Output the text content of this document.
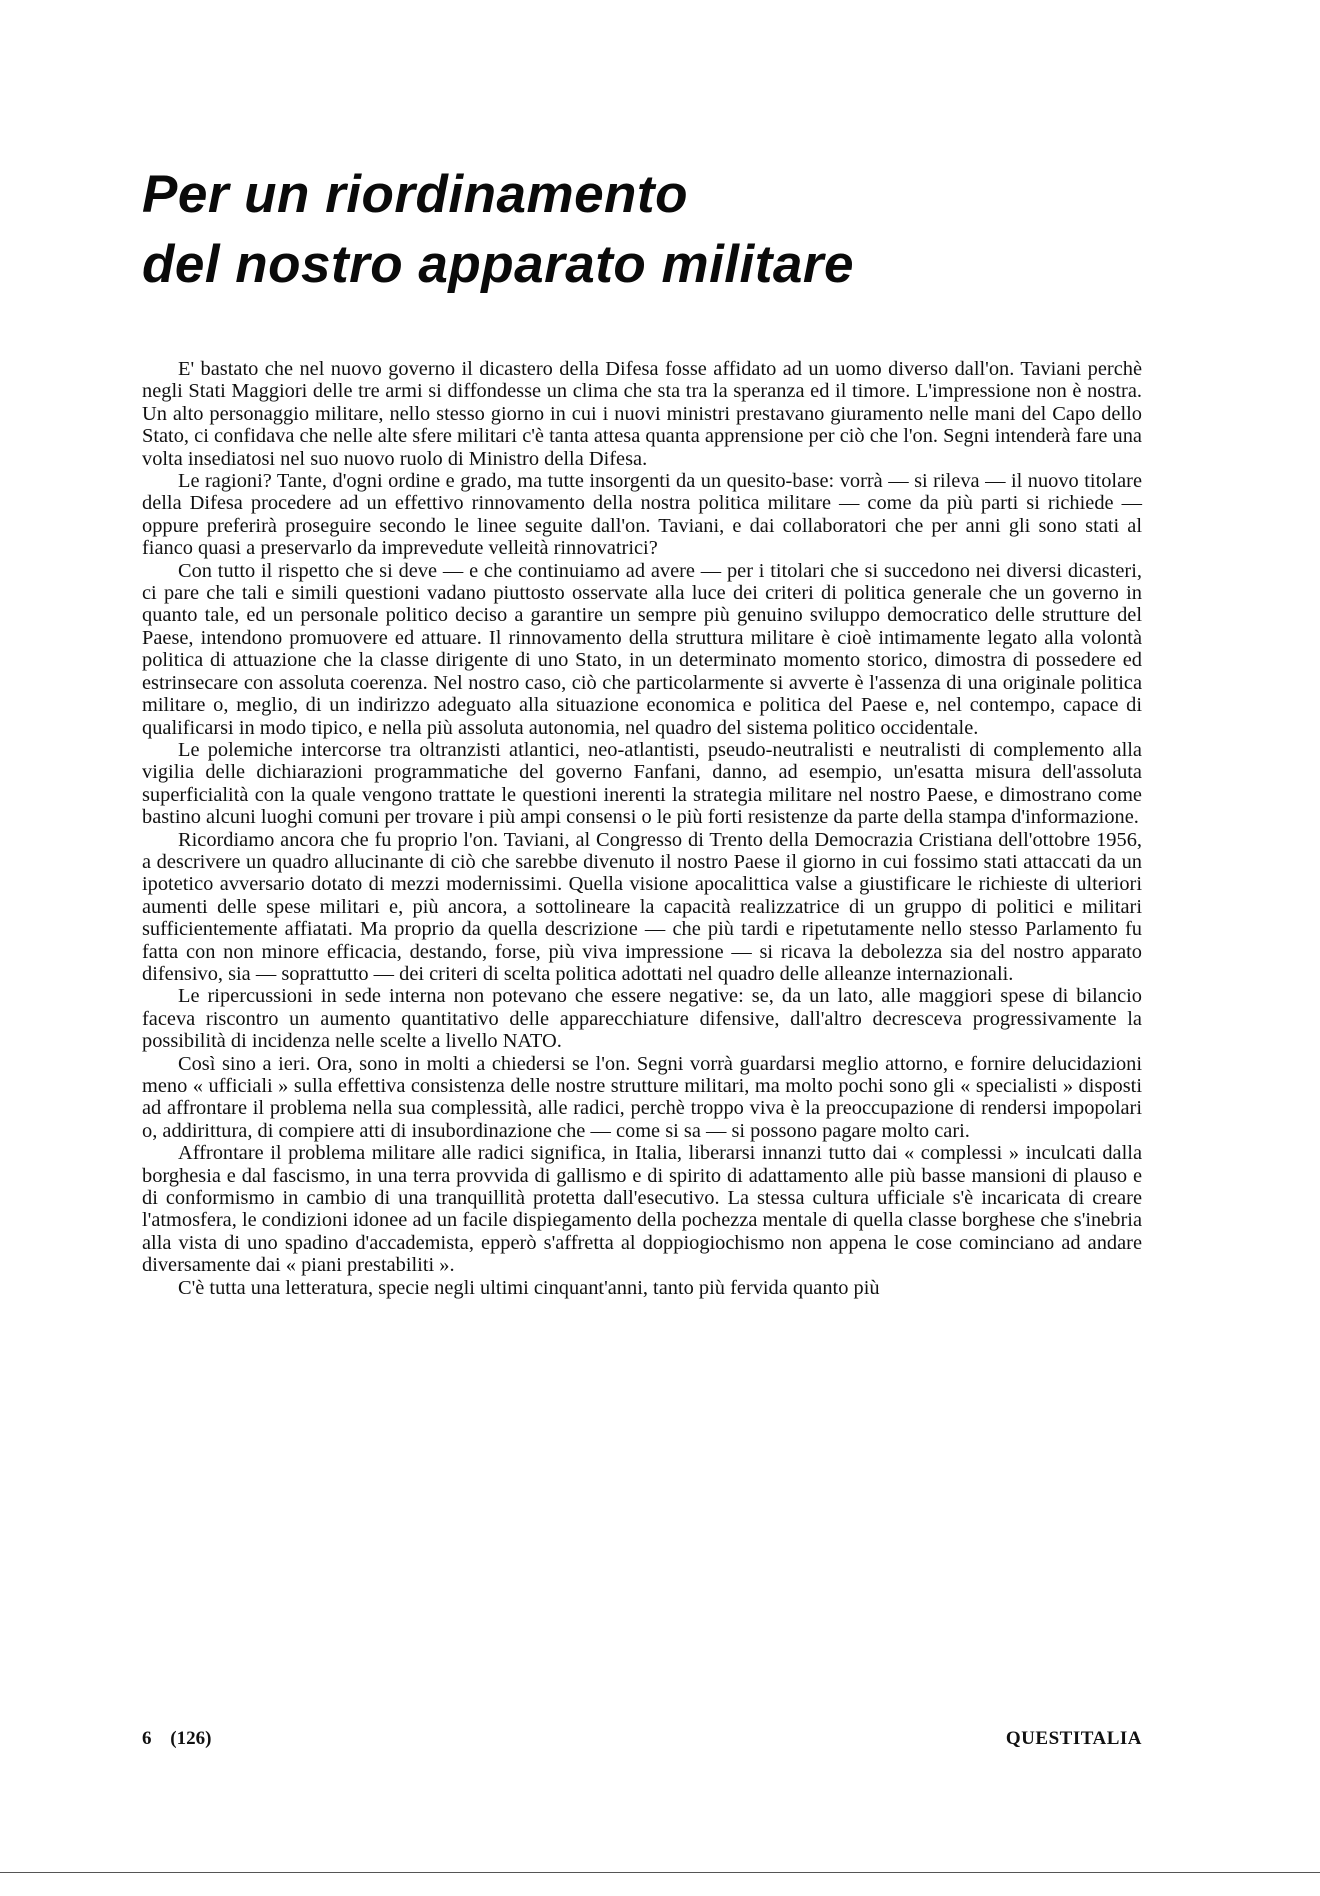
Per un riordinamento
del nostro apparato militare

E' bastato che nel nuovo governo il dicastero della Difesa fosse affidato ad un uomo diverso dall'on. Taviani perchè negli Stati Maggiori delle tre armi si diffondesse un clima che sta tra la speranza ed il timore. L'impressione non è nostra. Un alto personaggio militare, nello stesso giorno in cui i nuovi ministri prestavano giuramento nelle mani del Capo dello Stato, ci confidava che nelle alte sfere militari c'è tanta attesa quanta apprensione per ciò che l'on. Segni intenderà fare una volta insediatosi nel suo nuovo ruolo di Ministro della Difesa.

Le ragioni? Tante, d'ogni ordine e grado, ma tutte insorgenti da un quesito-base: vorrà — si rileva — il nuovo titolare della Difesa procedere ad un effettivo rinnovamento della nostra politica militare — come da più parti si richiede — oppure preferirà proseguire secondo le linee seguite dall'on. Taviani, e dai collaboratori che per anni gli sono stati al fianco quasi a preservarlo da imprevedute velleità rinnovatrici?

Con tutto il rispetto che si deve — e che continuiamo ad avere — per i titolari che si succedono nei diversi dicasteri, ci pare che tali e simili questioni vadano piuttosto osservate alla luce dei criteri di politica generale che un governo in quanto tale, ed un personale politico deciso a garantire un sempre più genuino sviluppo democratico delle strutture del Paese, intendono promuovere ed attuare. Il rinnovamento della struttura militare è cioè intimamente legato alla volontà politica di attuazione che la classe dirigente di uno Stato, in un determinato momento storico, dimostra di possedere ed estrinsecare con assoluta coerenza. Nel nostro caso, ciò che particolarmente si avverte è l'assenza di una originale politica militare o, meglio, di un indirizzo adeguato alla situazione economica e politica del Paese e, nel contempo, capace di qualificarsi in modo tipico, e nella più assoluta autonomia, nel quadro del sistema politico occidentale.

Le polemiche intercorse tra oltranzisti atlantici, neo-atlantisti, pseudo-neutralisti e neutralisti di complemento alla vigilia delle dichiarazioni programmatiche del governo Fanfani, danno, ad esempio, un'esatta misura dell'assoluta superficialità con la quale vengono trattate le questioni inerenti la strategia militare nel nostro Paese, e dimostrano come bastino alcuni luoghi comuni per trovare i più ampi consensi o le più forti resistenze da parte della stampa d'informazione.

Ricordiamo ancora che fu proprio l'on. Taviani, al Congresso di Trento della Democrazia Cristiana dell'ottobre 1956, a descrivere un quadro allucinante di ciò che sarebbe divenuto il nostro Paese il giorno in cui fossimo stati attaccati da un ipotetico avversario dotato di mezzi modernissimi. Quella visione apocalittica valse a giustificare le richieste di ulteriori aumenti delle spese militari e, più ancora, a sottolineare la capacità realizzatrice di un gruppo di politici e militari sufficientemente affiatati. Ma proprio da quella descrizione — che più tardi e ripetutamente nello stesso Parlamento fu fatta con non minore efficacia, destando, forse, più viva impressione — si ricava la debolezza sia del nostro apparato difensivo, sia — soprattutto — dei criteri di scelta politica adottati nel quadro delle alleanze internazionali.

Le ripercussioni in sede interna non potevano che essere negative: se, da un lato, alle maggiori spese di bilancio faceva riscontro un aumento quantitativo delle apparecchiature difensive, dall'altro decresceva progressivamente la possibilità di incidenza nelle scelte a livello NATO.

Così sino a ieri. Ora, sono in molti a chiedersi se l'on. Segni vorrà guardarsi meglio attorno, e fornire delucidazioni meno « ufficiali » sulla effettiva consistenza delle nostre strutture militari, ma molto pochi sono gli « specialisti » disposti ad affrontare il problema nella sua complessità, alle radici, perchè troppo viva è la preoccupazione di rendersi impopolari o, addirittura, di compiere atti di insubordinazione che — come si sa — si possono pagare molto cari.

Affrontare il problema militare alle radici significa, in Italia, liberarsi innanzi tutto dai « complessi » inculcati dalla borghesia e dal fascismo, in una terra provvida di gallismo e di spirito di adattamento alle più basse mansioni di plauso e di conformismo in cambio di una tranquillità protetta dall'esecutivo. La stessa cultura ufficiale s'è incaricata di creare l'atmosfera, le condizioni idonee ad un facile dispiegamento della pochezza mentale di quella classe borghese che s'inebria alla vista di uno spadino d'accademista, epperò s'affretta al doppiogiochismo non appena le cose cominciano ad andare diversamente dai « piani prestabiliti ».

C'è tutta una letteratura, specie negli ultimi cinquant'anni, tanto più fervida quanto più

6 (126)	QUESTITALIA
